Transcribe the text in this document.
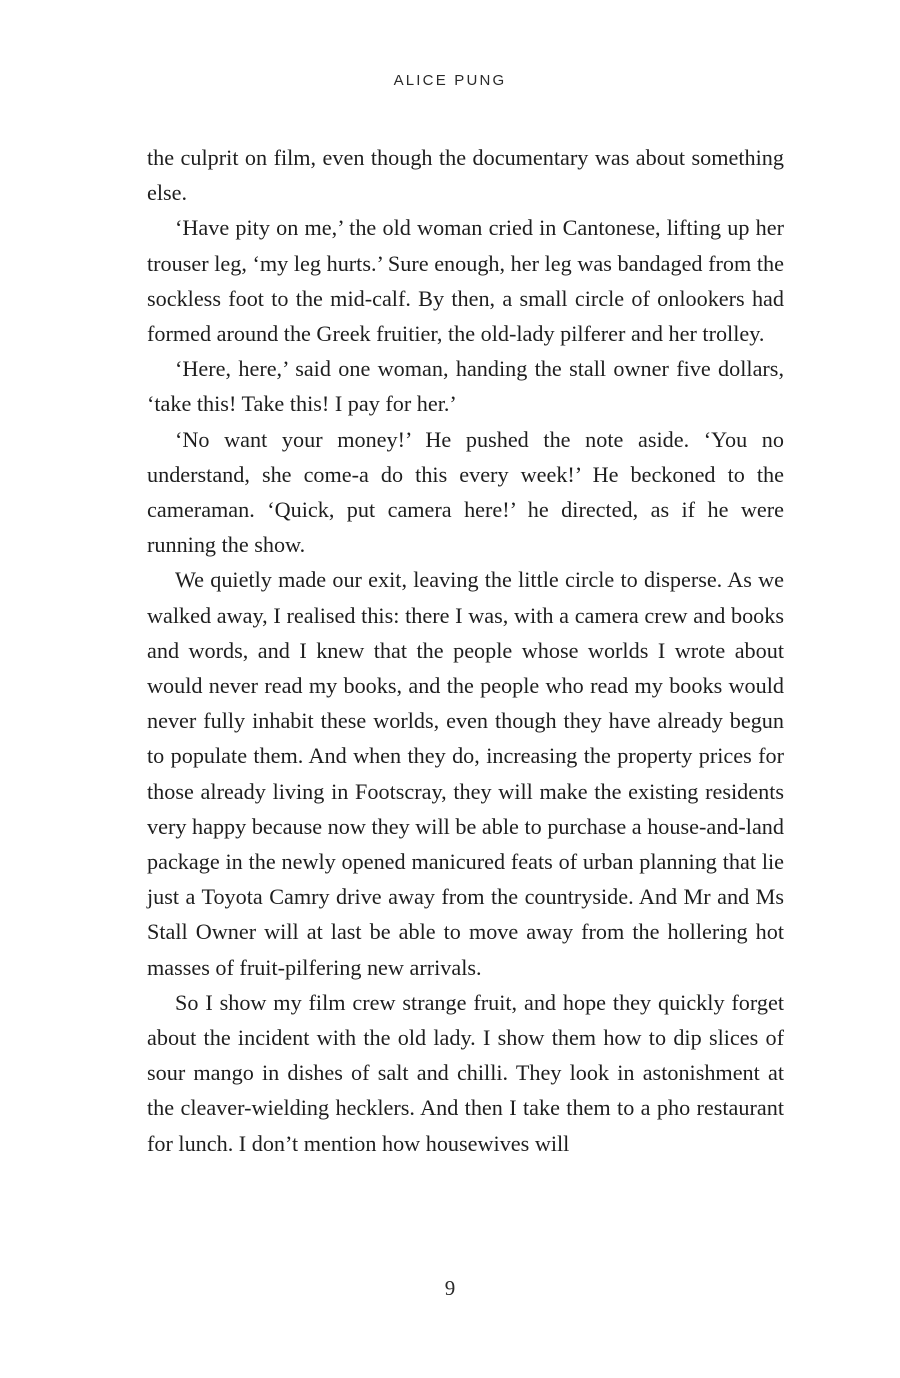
ALICE PUNG

the culprit on film, even though the documentary was about something else.

‘Have pity on me,’ the old woman cried in Cantonese, lifting up her trouser leg, ‘my leg hurts.’ Sure enough, her leg was bandaged from the sockless foot to the mid-calf. By then, a small circle of onlookers had formed around the Greek fruitier, the old-lady pilferer and her trolley.

‘Here, here,’ said one woman, handing the stall owner five dollars, ‘take this! Take this! I pay for her.’

‘No want your money!’ He pushed the note aside. ‘You no understand, she come-a do this every week!’ He beckoned to the cameraman. ‘Quick, put camera here!’ he directed, as if he were running the show.

We quietly made our exit, leaving the little circle to disperse. As we walked away, I realised this: there I was, with a camera crew and books and words, and I knew that the people whose worlds I wrote about would never read my books, and the people who read my books would never fully inhabit these worlds, even though they have already begun to populate them. And when they do, increasing the property prices for those already living in Footscray, they will make the existing residents very happy because now they will be able to purchase a house-and-land package in the newly opened manicured feats of urban planning that lie just a Toyota Camry drive away from the countryside. And Mr and Ms Stall Owner will at last be able to move away from the hollering hot masses of fruit-pilfering new arrivals.

So I show my film crew strange fruit, and hope they quickly forget about the incident with the old lady. I show them how to dip slices of sour mango in dishes of salt and chilli. They look in astonishment at the cleaver-wielding hecklers. And then I take them to a pho restaurant for lunch. I don’t mention how housewives will

9
